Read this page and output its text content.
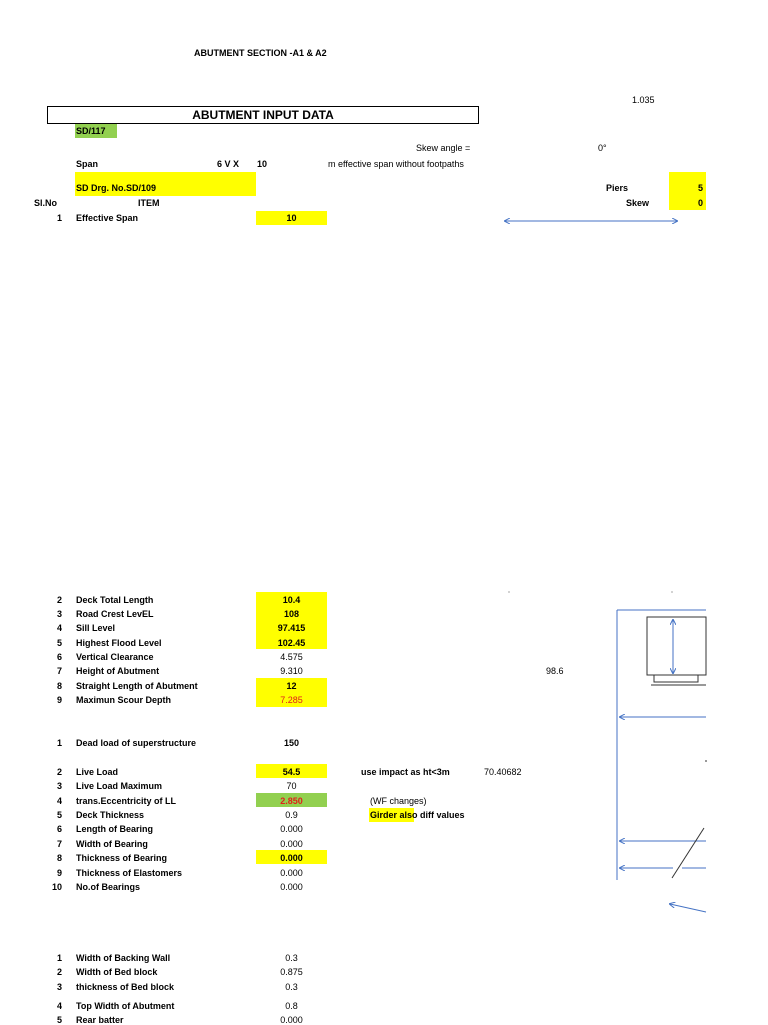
ABUTMENT SECTION -A1 & A2
1.035
ABUTMENT INPUT DATA
SD/117
Skew angle =	0°
Span	6 V X 10	m effective span without footpaths
SD Drg. No.SD/109	Piers	5
Sl.No	ITEM	Skew	0
1 Effective Span	10
2 Deck Total Length	10.4
3 Road Crest LevEL	108
4 Sill Level	97.415
5 Highest Flood Level	102.45
6 Vertical Clearance	4.575
7 Height of Abutment	9.310	98.6
8 Straight Length of Abutment	12
9 Maximun Scour Depth	7.285
1 Dead load of superstructure	150
2 Live Load	54.5	use impact as ht<3m	70.40682
3 Live Load Maximum	70
4 trans.Eccentricity of LL	2.850	(WF changes)
5 Deck Thickness	0.9	Girder also diff values
6 Length of Bearing	0.000
7 Width of Bearing	0.000
8 Thickness of Bearing	0.000
9 Thickness of Elastomers	0.000
10 No.of Bearings	0.000
1 Width of Backing Wall	0.3
2 Width of Bed block	0.875
3 thickness of Bed block	0.3
4 Top Width of Abutment	0.8
5 Rear batter	0.000
